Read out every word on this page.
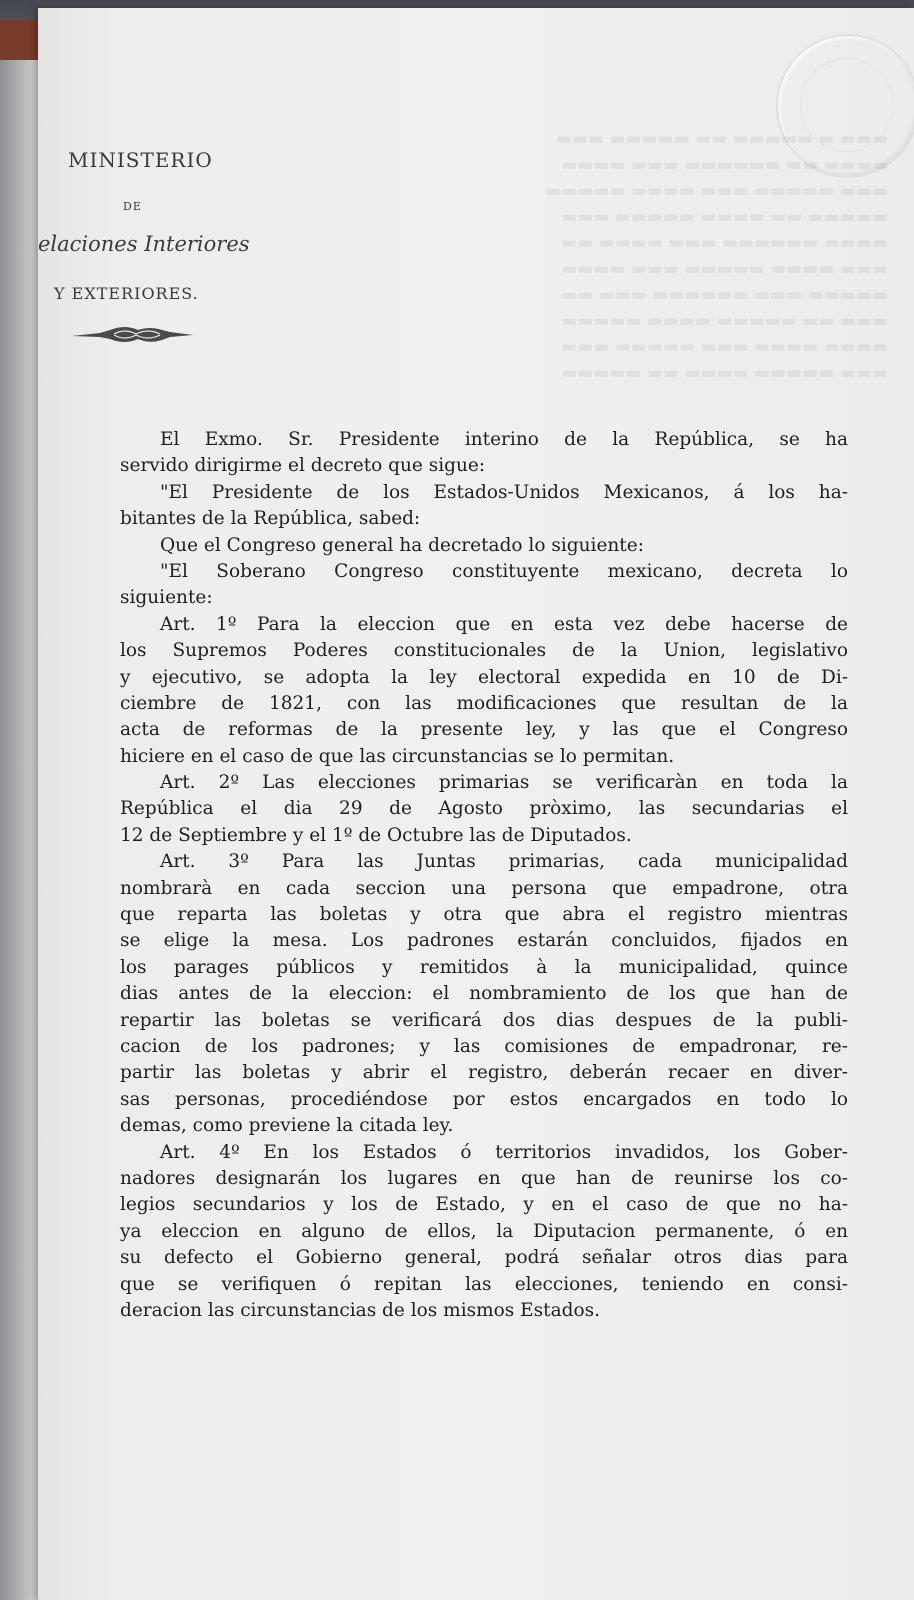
▬▬▬ ▬ ▬▬▬▬▬ ▬▬ ▬▬▬▬▬ ▬▬▬
▬▬▬▬ ▬▬ ▬▬▬▬▬▬ ▬▬▬ ▬▬▬▬
▬▬▬ ▬▬▬▬▬ ▬▬▬ ▬▬▬▬ ▬▬▬▬▬
▬▬▬▬▬ ▬▬ ▬▬▬▬ ▬▬▬▬▬ ▬▬▬
▬▬▬▬ ▬▬▬▬▬▬ ▬▬▬ ▬▬▬▬ ▬▬
▬▬▬ ▬▬▬▬ ▬▬▬▬▬ ▬▬▬ ▬▬▬▬
▬▬▬▬▬ ▬▬▬ ▬▬▬▬▬▬ ▬▬▬ ▬▬
▬▬▬ ▬▬ ▬▬▬▬▬ ▬▬▬▬ ▬▬▬▬▬
▬▬▬▬ ▬▬▬▬ ▬▬▬ ▬▬▬▬▬ ▬▬▬
▬▬▬ ▬▬▬▬▬ ▬▬▬▬ ▬▬ ▬▬▬▬▬
MINISTERIO
DE
elaciones Interiores
Y EXTERIORES.
El Exmo. Sr. Presidente interino de la República, se ha
servido dirigirme el decreto que sigue:
"El Presidente de los Estados-Unidos Mexicanos, á los ha-
bitantes de la República, sabed:
Que el Congreso general ha decretado lo siguiente:
"El Soberano Congreso constituyente mexicano, decreta lo
siguiente:
Art. 1º Para la eleccion que en esta vez debe hacerse de
los Supremos Poderes constitucionales de la Union, legislativo
y ejecutivo, se adopta la ley electoral expedida en 10 de Di-
ciembre de 1821, con las modificaciones que resultan de la
acta de reformas de la presente ley, y las que el Congreso
hiciere en el caso de que las circunstancias se lo permitan.
Art. 2º Las elecciones primarias se verificaràn en toda la
República el dia 29 de Agosto pròximo, las secundarias el
12 de Septiembre y el 1º de Octubre las de Diputados.
Art. 3º Para las Juntas primarias, cada municipalidad
nombrarà en cada seccion una persona que empadrone, otra
que reparta las boletas y otra que abra el registro mientras
se elige la mesa. Los padrones estarán concluidos, fijados en
los parages públicos y remitidos à la municipalidad, quince
dias antes de la eleccion: el nombramiento de los que han de
repartir las boletas se verificará dos dias despues de la publi-
cacion de los padrones; y las comisiones de empadronar, re-
partir las boletas y abrir el registro, deberán recaer en diver-
sas personas, procediéndose por estos encargados en todo lo
demas, como previene la citada ley.
Art. 4º En los Estados ó territorios invadidos, los Gober-
nadores designarán los lugares en que han de reunirse los co-
legios secundarios y los de Estado, y en el caso de que no ha-
ya eleccion en alguno de ellos, la Diputacion permanente, ó en
su defecto el Gobierno general, podrá señalar otros dias para
que se verifiquen ó repitan las elecciones, teniendo en consi-
deracion las circunstancias de los mismos Estados.
